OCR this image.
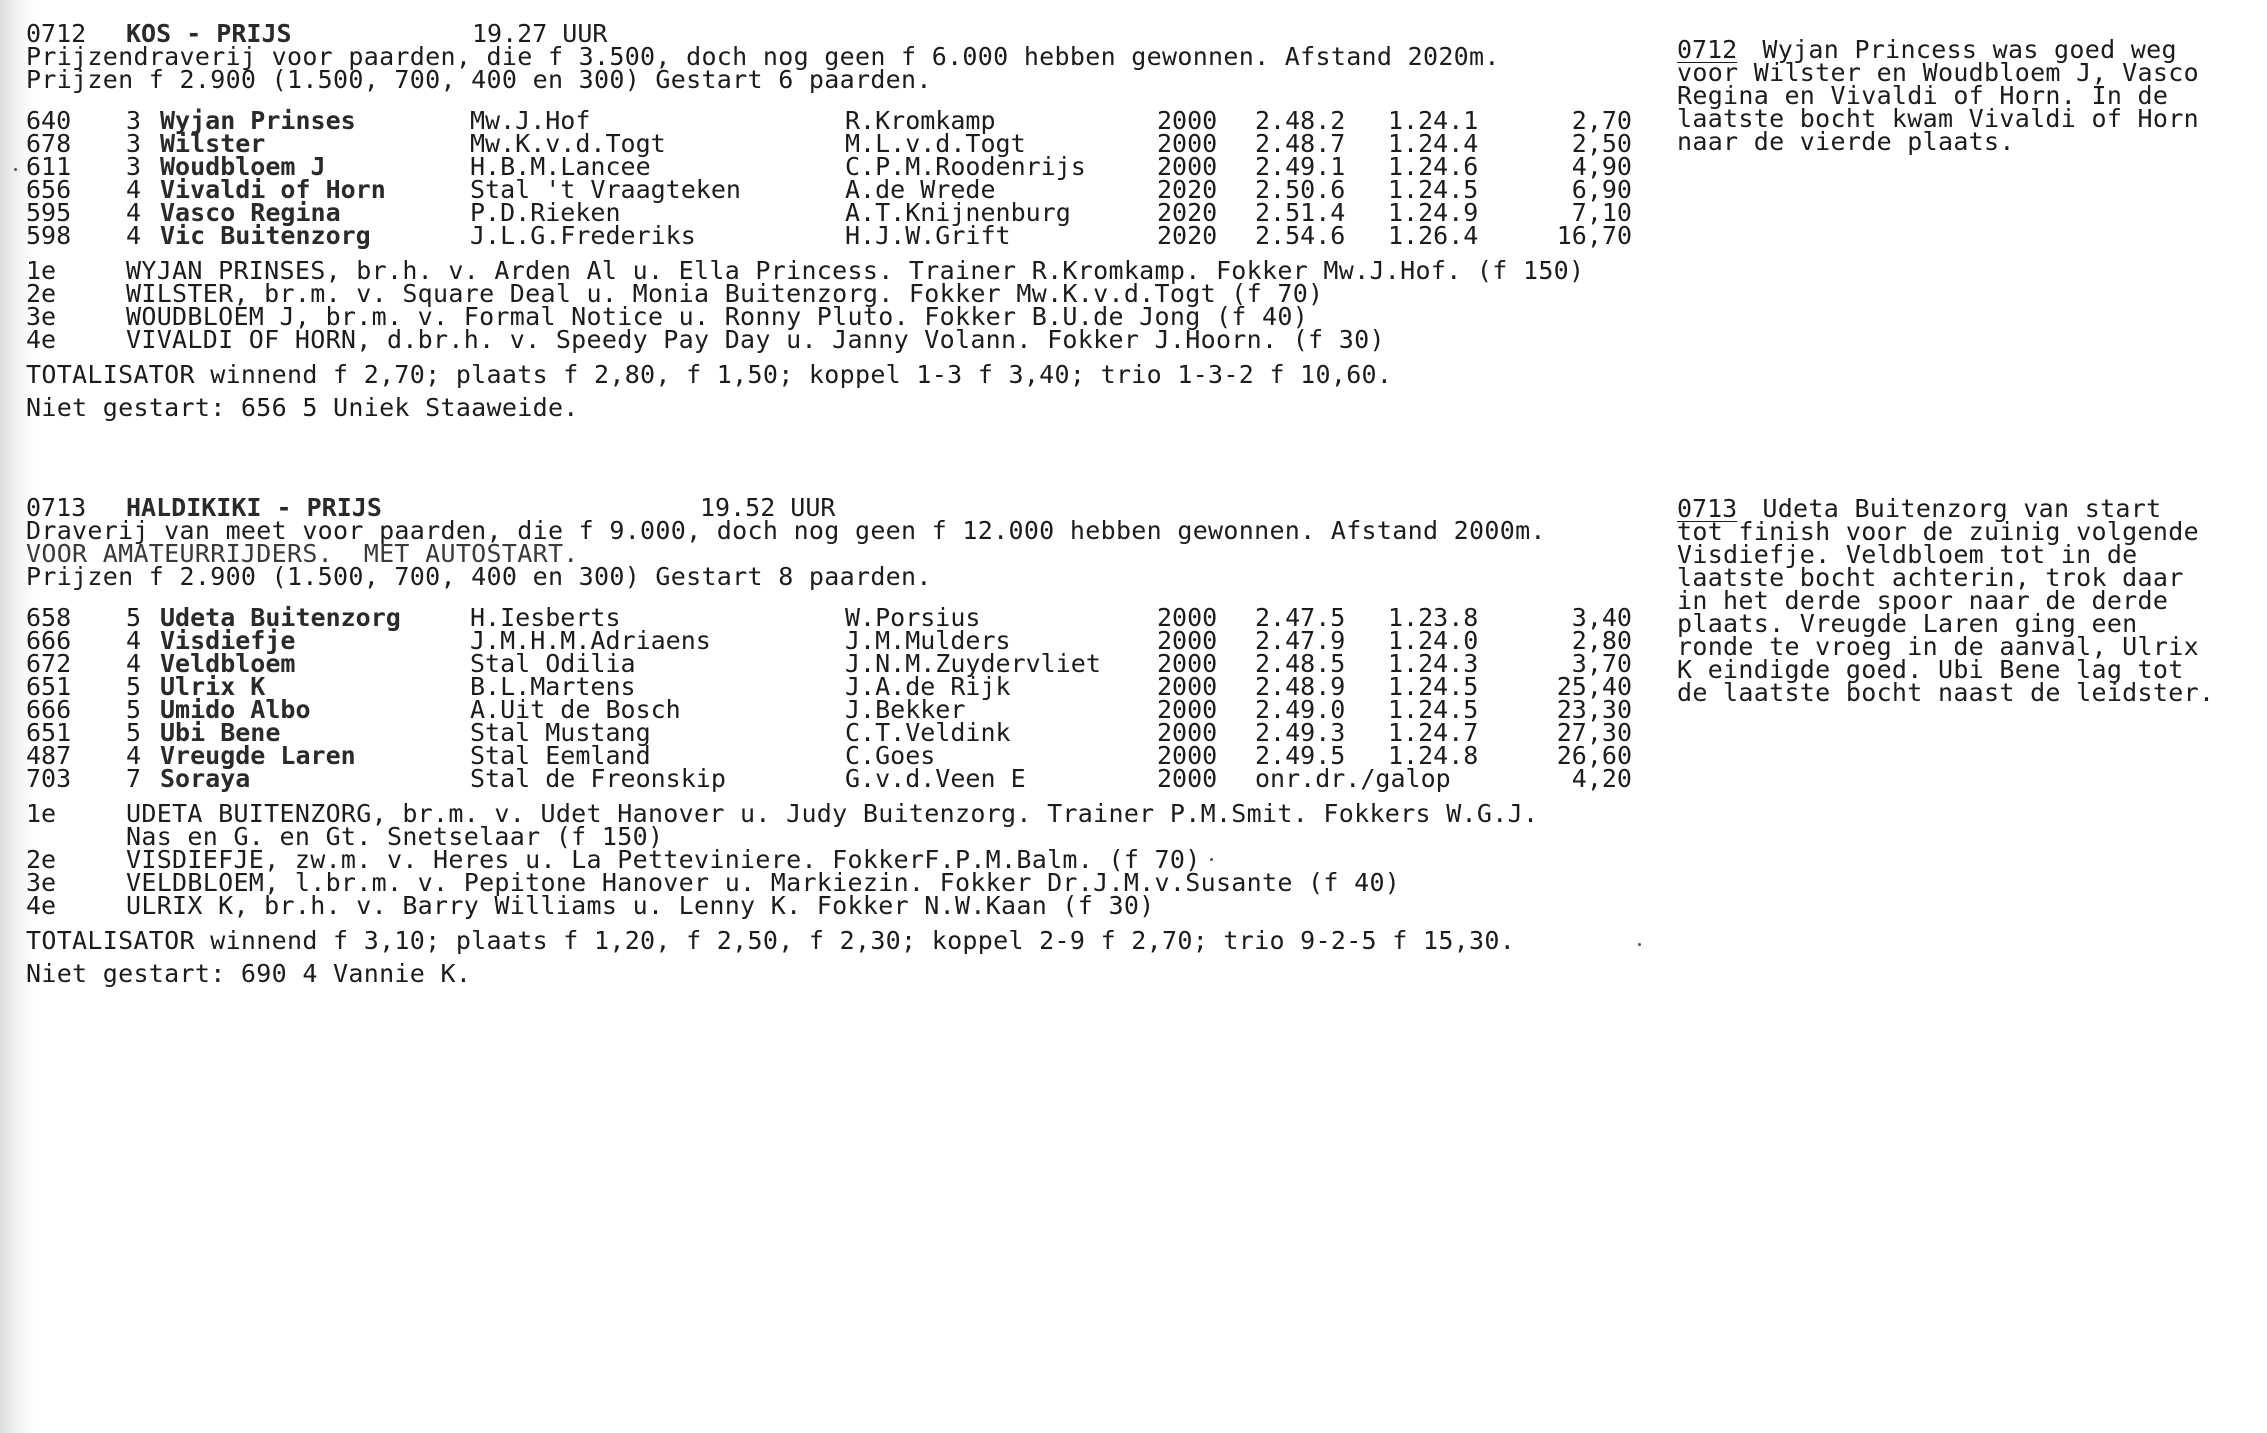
0712 KOS - PRIJS	19.27 UUR
Prijzendraverij voor paarden, die f 3.500, doch nog geen f 6.000 hebben gewonnen. Afstand 2020m.
Prijzen f 2.900 (1.500, 700, 400 en 300) Gestart 6 paarden.
640 3 Wyjan Prinses	Mw.J.Hof	R.Kromkamp	2000 2.48.2 1.24.1	2,70
678 3 Wilster	Mw.K.v.d.Togt	M.L.v.d.Togt	2000 2.48.7 1.24.4	2,50
611 3 Woudbloem J	H.B.M.Lancee	C.P.M.Roodenrijs	2000 2.49.1 1.24.6	4,90
656 4 Vivaldi of Horn	Stal 't Vraagteken	A.de Wrede	2020 2.50.6 1.24.5	6,90
595 4 Vasco Regina	P.D.Rieken	A.T.Knijnenburg	2020 2.51.4 1.24.9	7,10
598 4 Vic Buitenzorg	J.L.G.Frederiks	H.J.W.Grift	2020 2.54.6 1.26.4	16,70
1e	WYJAN PRINSES, br.h. v. Arden Al u. Ella Princess. Trainer R.Kromkamp. Fokker Mw.J.Hof. (f 150)
2e	WILSTER, br.m. v. Square Deal u. Monia Buitenzorg. Fokker Mw.K.v.d.Togt (f 70)
3e	WOUDBLOEM J, br.m. v. Formal Notice u. Ronny Pluto. Fokker B.U.de Jong (f 40)
4e	VIVALDI OF HORN, d.br.h. v. Speedy Pay Day u. Janny Volann. Fokker J.Hoorn. (f 30)
TOTALISATOR winnend f 2,70; plaats f 2,80, f 1,50; koppel 1-3 f 3,40; trio 1-3-2 f 10,60.
Niet gestart: 656 5 Uniek Staaweide.
0712 Wyjan Princess was goed weg
voor Wilster en Woudbloem J, Vasco
Regina en Vivaldi of Horn. In de
laatste bocht kwam Vivaldi of Horn
naar de vierde plaats.
0713 HALDIKIKI - PRIJS	19.52 UUR
Draverij van meet voor paarden, die f 9.000, doch nog geen f 12.000 hebben gewonnen. Afstand 2000m.
VOOR AMATEURRIJDERS.  MET AUTOSTART.
Prijzen f 2.900 (1.500, 700, 400 en 300) Gestart 8 paarden.
658 5 Udeta Buitenzorg	H.Iesberts	W.Porsius	2000 2.47.5 1.23.8	3,40
666 4 Visdiefje	J.M.H.M.Adriaens	J.M.Mulders	2000 2.47.9 1.24.0	2,80
672 4 Veldbloem	Stal Odilia	J.N.M.Zuydervliet 2000 2.48.5 1.24.3	3,70
651 5 Ulrix K	B.L.Martens	J.A.de Rijk	2000 2.48.9 1.24.5	25,40
666 5 Umido Albo	A.Uit de Bosch	J.Bekker	2000 2.49.0 1.24.5	23,30
651 5 Ubi Bene	Stal Mustang	C.T.Veldink	2000 2.49.3 1.24.7	27,30
487 4 Vreugde Laren	Stal Eemland	C.Goes	2000 2.49.5 1.24.8	26,60
703 7 Soraya	Stal de Freonskip	G.v.d.Veen E	2000 onr.dr./galop	4,20
1e	UDETA BUITENZORG, br.m. v. Udet Hanover u. Judy Buitenzorg. Trainer P.M.Smit. Fokkers W.G.J.
Nas en G. en Gt. Snetselaar (f 150)
2e	VISDIEFJE, zw.m. v. Heres u. La Petteviniere. FokkerF.P.M.Balm. (f 70)
3e	VELDBLOEM, l.br.m. v. Pepitone Hanover u. Markiezin. Fokker Dr.J.M.v.Susante (f 40)
4e	ULRIX K, br.h. v. Barry Williams u. Lenny K. Fokker N.W.Kaan (f 30)
TOTALISATOR winnend f 3,10; plaats f 1,20, f 2,50, f 2,30; koppel 2-9 f 2,70; trio 9-2-5 f 15,30.
Niet gestart: 690 4 Vannie K.
0713 Udeta Buitenzorg van start
tot finish voor de zuinig volgende
Visdiefje. Veldbloem tot in de
laatste bocht achterin, trok daar
in het derde spoor naar de derde
plaats. Vreugde Laren ging een
ronde te vroeg in de aanval, Ulrix
K eindigde goed. Ubi Bene lag tot
de laatste bocht naast de leidster.
